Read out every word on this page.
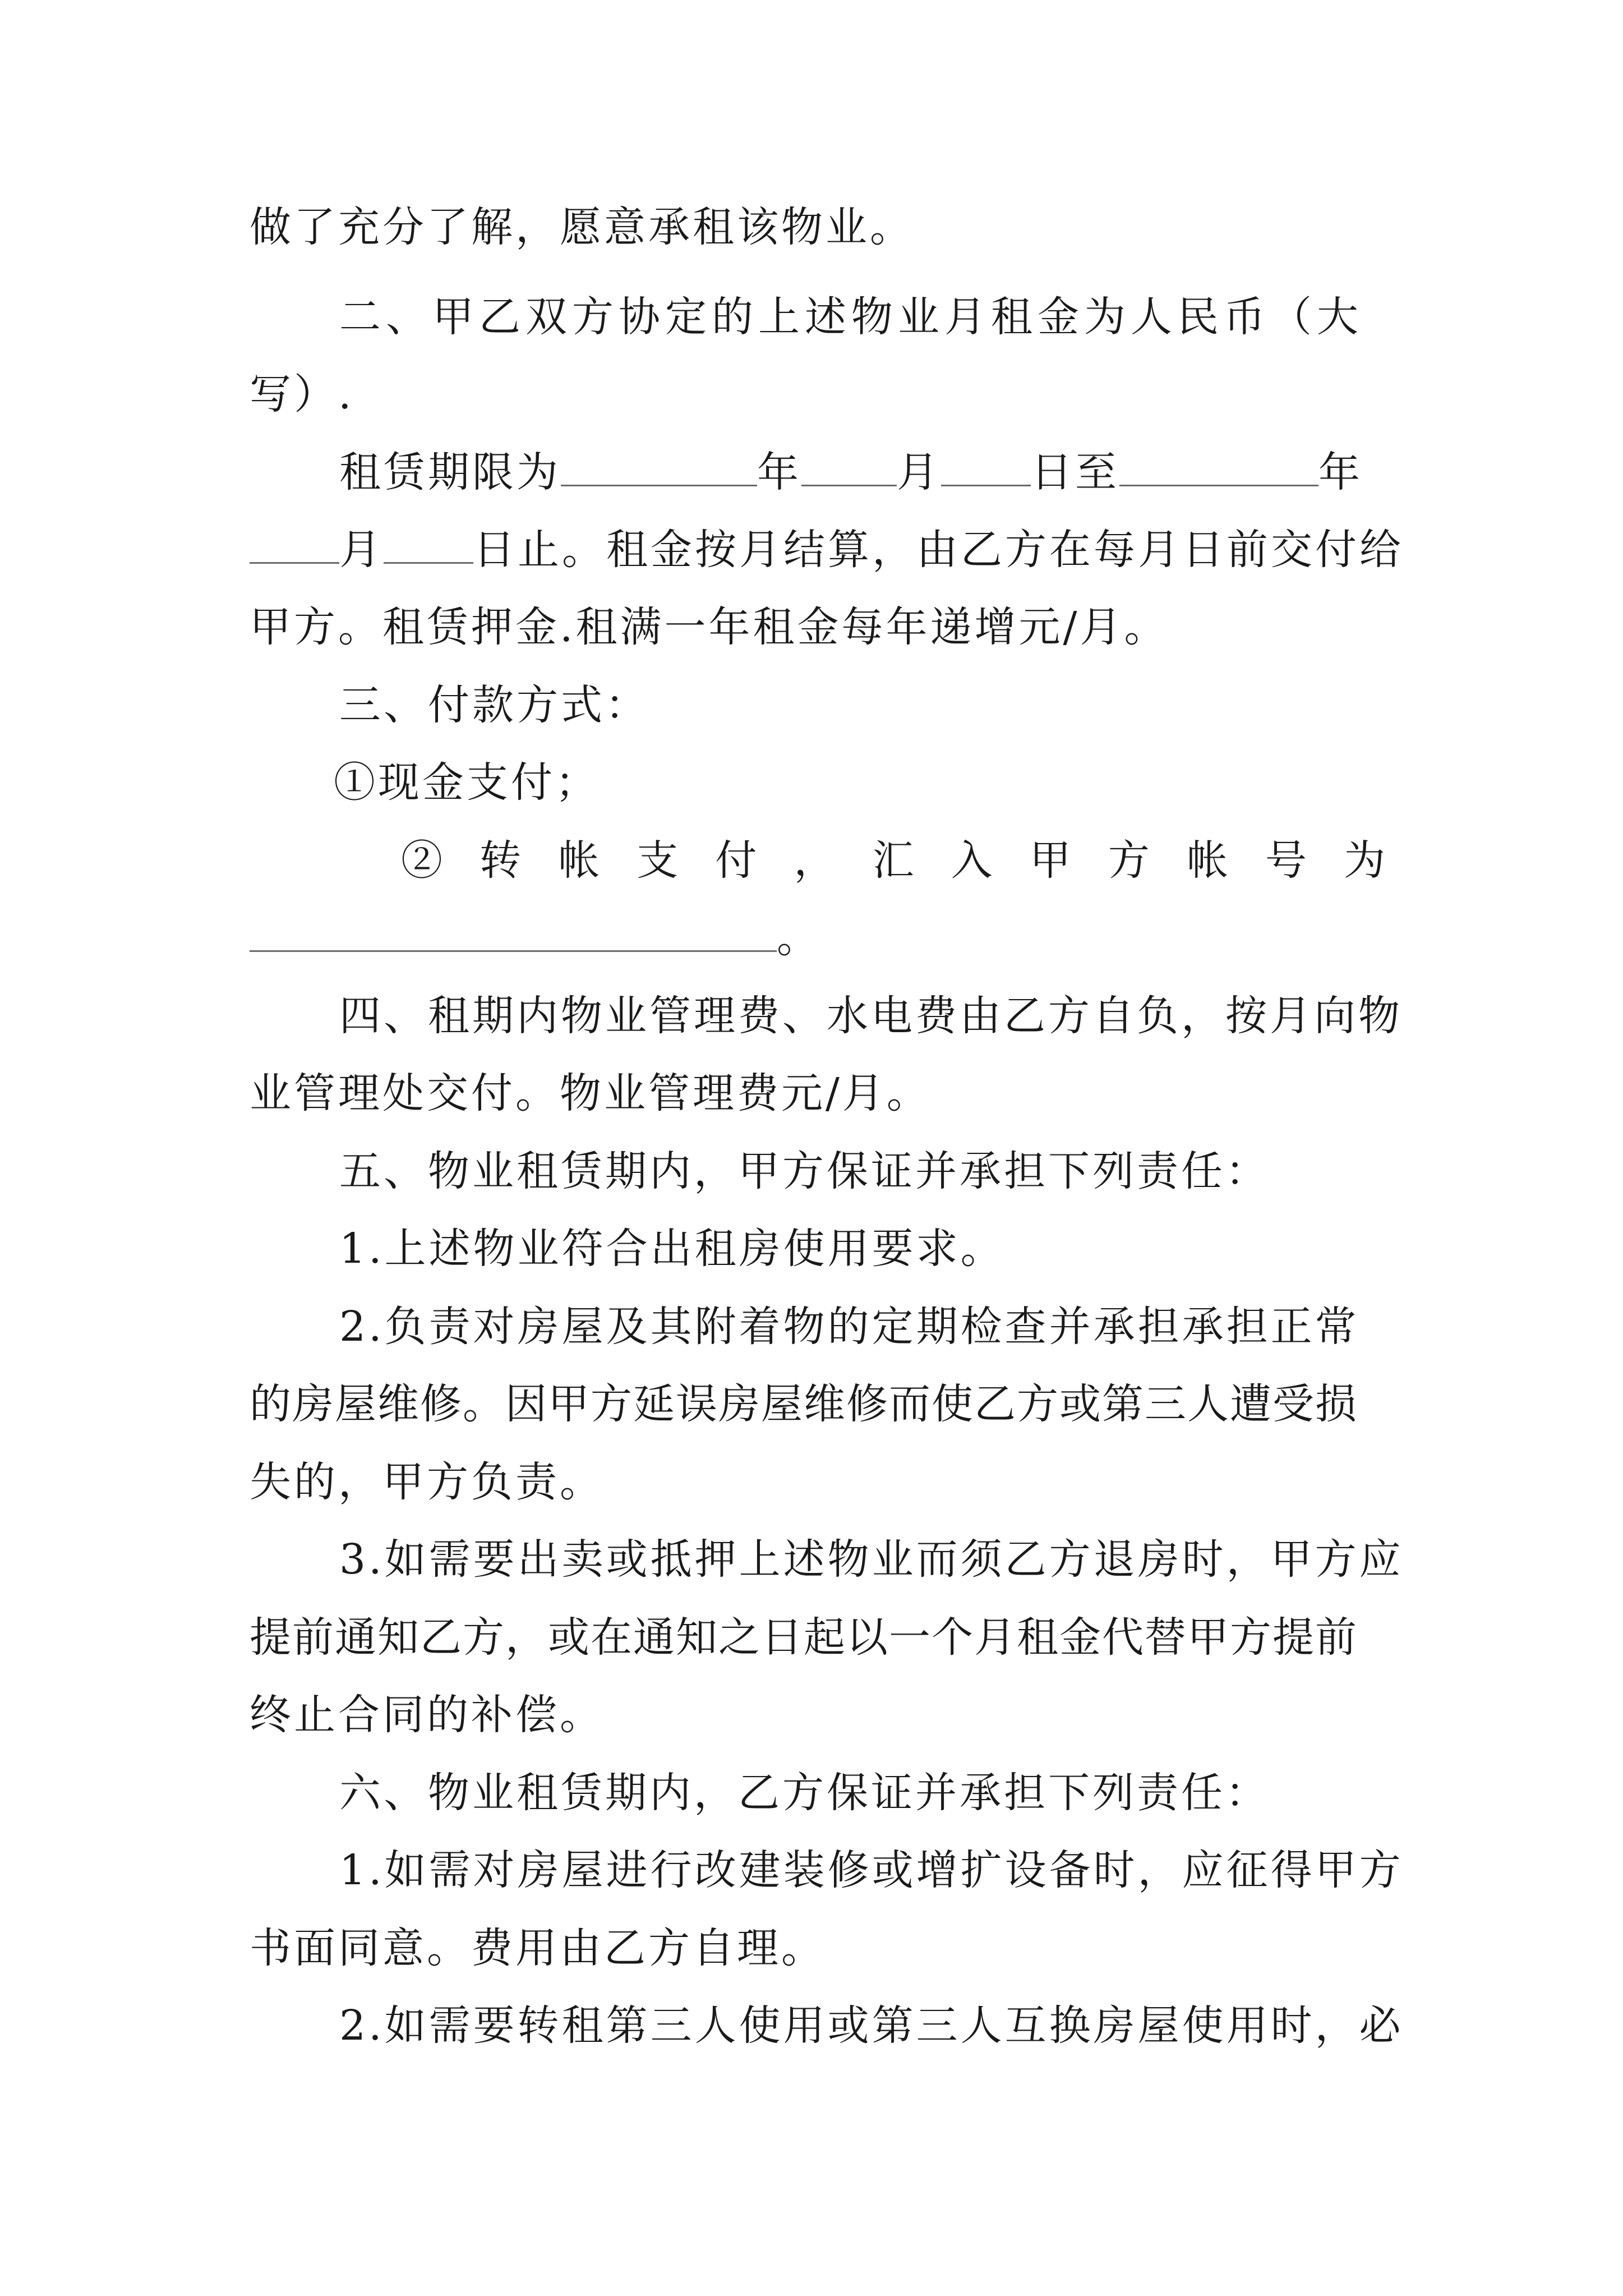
做了充分了解，愿意承租该物业。
二、甲乙双方协定的上述物业月租金为人民币（大
写）.
租赁期限为	年 月 日至	年
月 日止。租金按月结算，由乙方在每月日前交付给
甲方。租赁押金.租满一年租金每年递增元/月。
三、付款方式：
①现金支付；
② 转 帐 支 付 ， 汇 入 甲 方 帐 号 为
。
四、租期内物业管理费、水电费由乙方自负，按月向物
业管理处交付。物业管理费元/月。
五、物业租赁期内，甲方保证并承担下列责任：
1.上述物业符合出租房使用要求。
2.负责对房屋及其附着物的定期检查并承担承担正常
的房屋维修。因甲方延误房屋维修而使乙方或第三人遭受损
失的，甲方负责。
3.如需要出卖或抵押上述物业而须乙方退房时，甲方应
提前通知乙方，或在通知之日起以一个月租金代替甲方提前
终止合同的补偿。
六、物业租赁期内，乙方保证并承担下列责任：
1.如需对房屋进行改建装修或增扩设备时，应征得甲方
书面同意。费用由乙方自理。
2.如需要转租第三人使用或第三人互换房屋使用时，必
